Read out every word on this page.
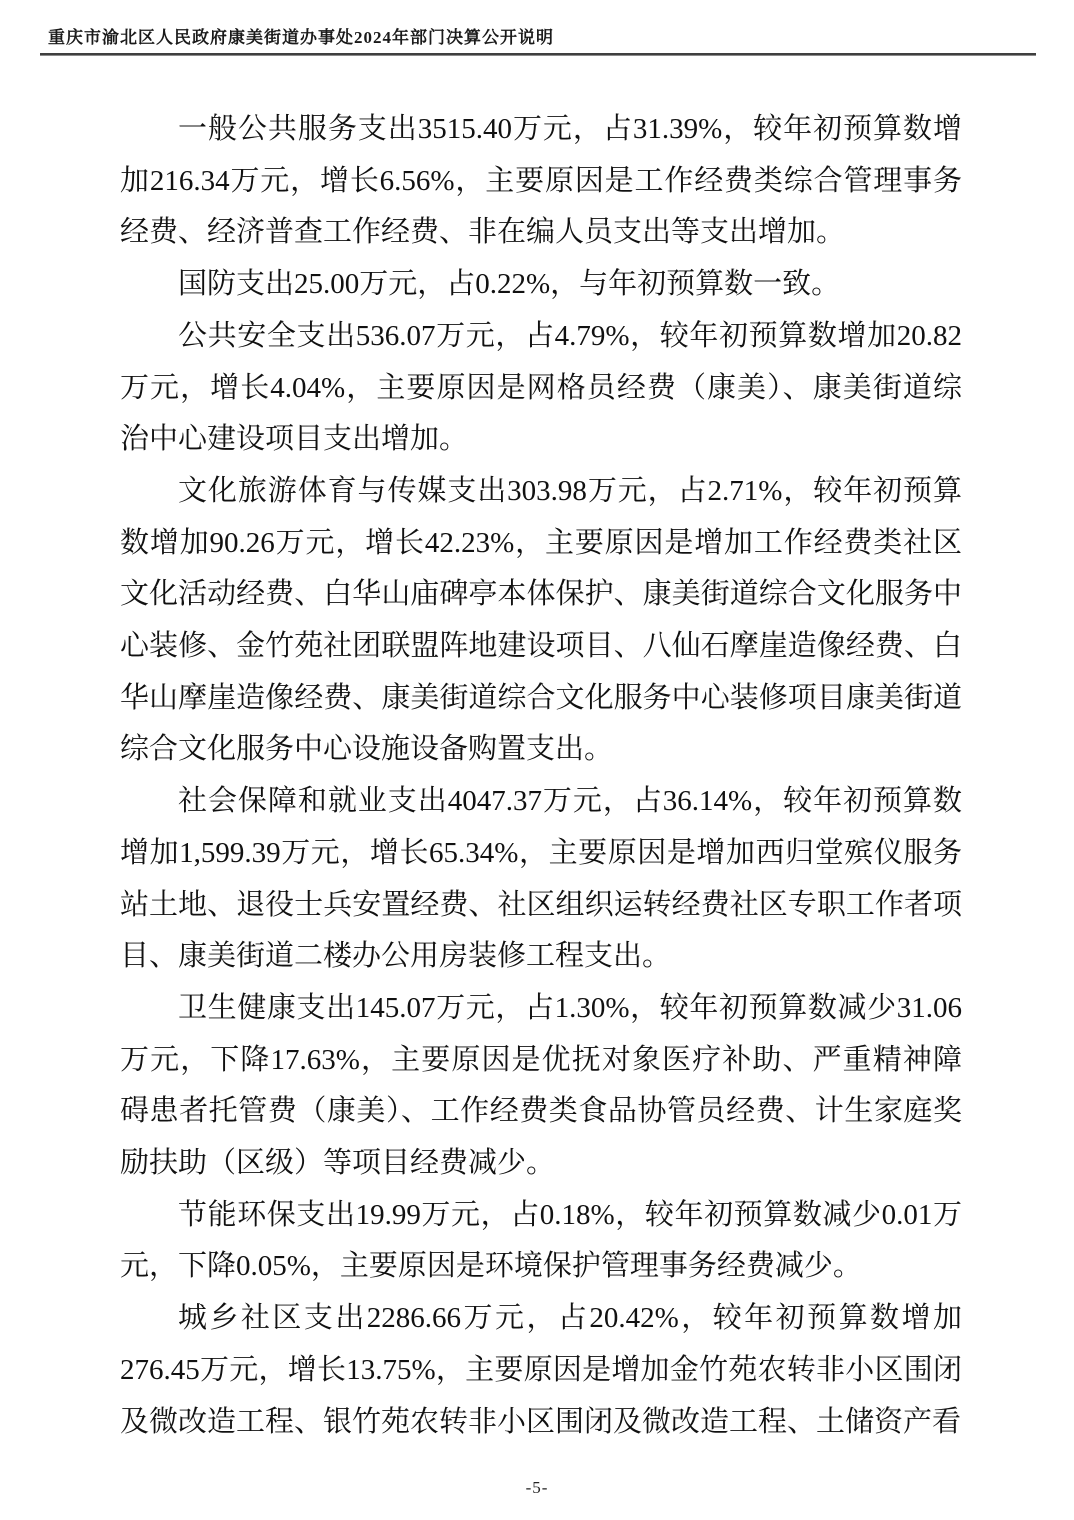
重庆市渝北区人民政府康美街道办事处2024年部门决算公开说明

一般公共服务支出3515.40万元，占31.39%，较年初预算数增加216.34万元，增长6.56%，主要原因是工作经费类综合管理事务经费、经济普查工作经费、非在编人员支出等支出增加。

国防支出25.00万元，占0.22%，与年初预算数一致。

公共安全支出536.07万元，占4.79%，较年初预算数增加20.82万元，增长4.04%，主要原因是网格员经费（康美）、康美街道综治中心建设项目支出增加。

文化旅游体育与传媒支出303.98万元，占2.71%，较年初预算数增加90.26万元，增长42.23%，主要原因是增加工作经费类社区文化活动经费、白华山庙碑亭本体保护、康美街道综合文化服务中心装修、金竹苑社团联盟阵地建设项目、八仙石摩崖造像经费、白华山摩崖造像经费、康美街道综合文化服务中心装修项目康美街道综合文化服务中心设施设备购置支出。

社会保障和就业支出4047.37万元，占36.14%，较年初预算数增加1,599.39万元，增长65.34%，主要原因是增加西归堂殡仪服务站土地、退役士兵安置经费、社区组织运转经费社区专职工作者项目、康美街道二楼办公用房装修工程支出。

卫生健康支出145.07万元，占1.30%，较年初预算数减少31.06万元，下降17.63%，主要原因是优抚对象医疗补助、严重精神障碍患者托管费（康美）、工作经费类食品协管员经费、计生家庭奖励扶助（区级）等项目经费减少。

节能环保支出19.99万元，占0.18%，较年初预算数减少0.01万元，下降0.05%，主要原因是环境保护管理事务经费减少。

城乡社区支出2286.66万元，占20.42%，较年初预算数增加276.45万元，增长13.75%，主要原因是增加金竹苑农转非小区围闭及微改造工程、银竹苑农转非小区围闭及微改造工程、土储资产看

-5-
